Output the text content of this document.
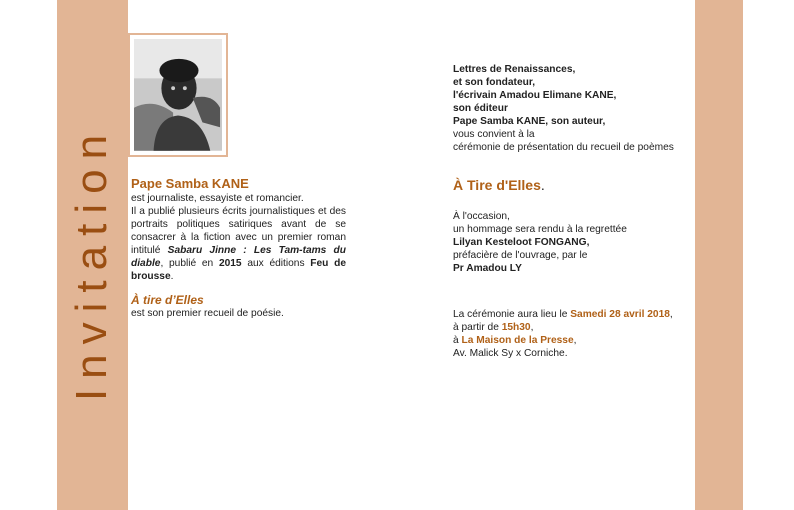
Invitation Pape Samba KANE
est journaliste, essayiste et romancier.
Il a publié plusieurs écrits journalistiques et des portraits politiques satiriques avant de se consacrer à la fiction avec un premier roman intitulé Sabaru Jinne : Les Tam-tams du diable, publié en 2015 aux éditions Feu de brousse.
À tire d’Elles
est son premier recueil de poésie.
Lettres de Renaissances,
et son fondateur,
l'écrivain Amadou Elimane KANE,
son éditeur
Pape Samba KANE, son auteur,
vous convient à la
cérémonie de présentation du recueil de poèmes
À Tire d'Elles.
À l'occasion,
un hommage sera rendu à la regrettée
Lilyan Kesteloot FONGANG,
préfacière de l'ouvrage, par le
Pr Amadou LY
La cérémonie aura lieu le Samedi 28 avril 2018,
à partir de 15h30,
à La Maison de la Presse,
Av. Malick Sy x Corniche.
